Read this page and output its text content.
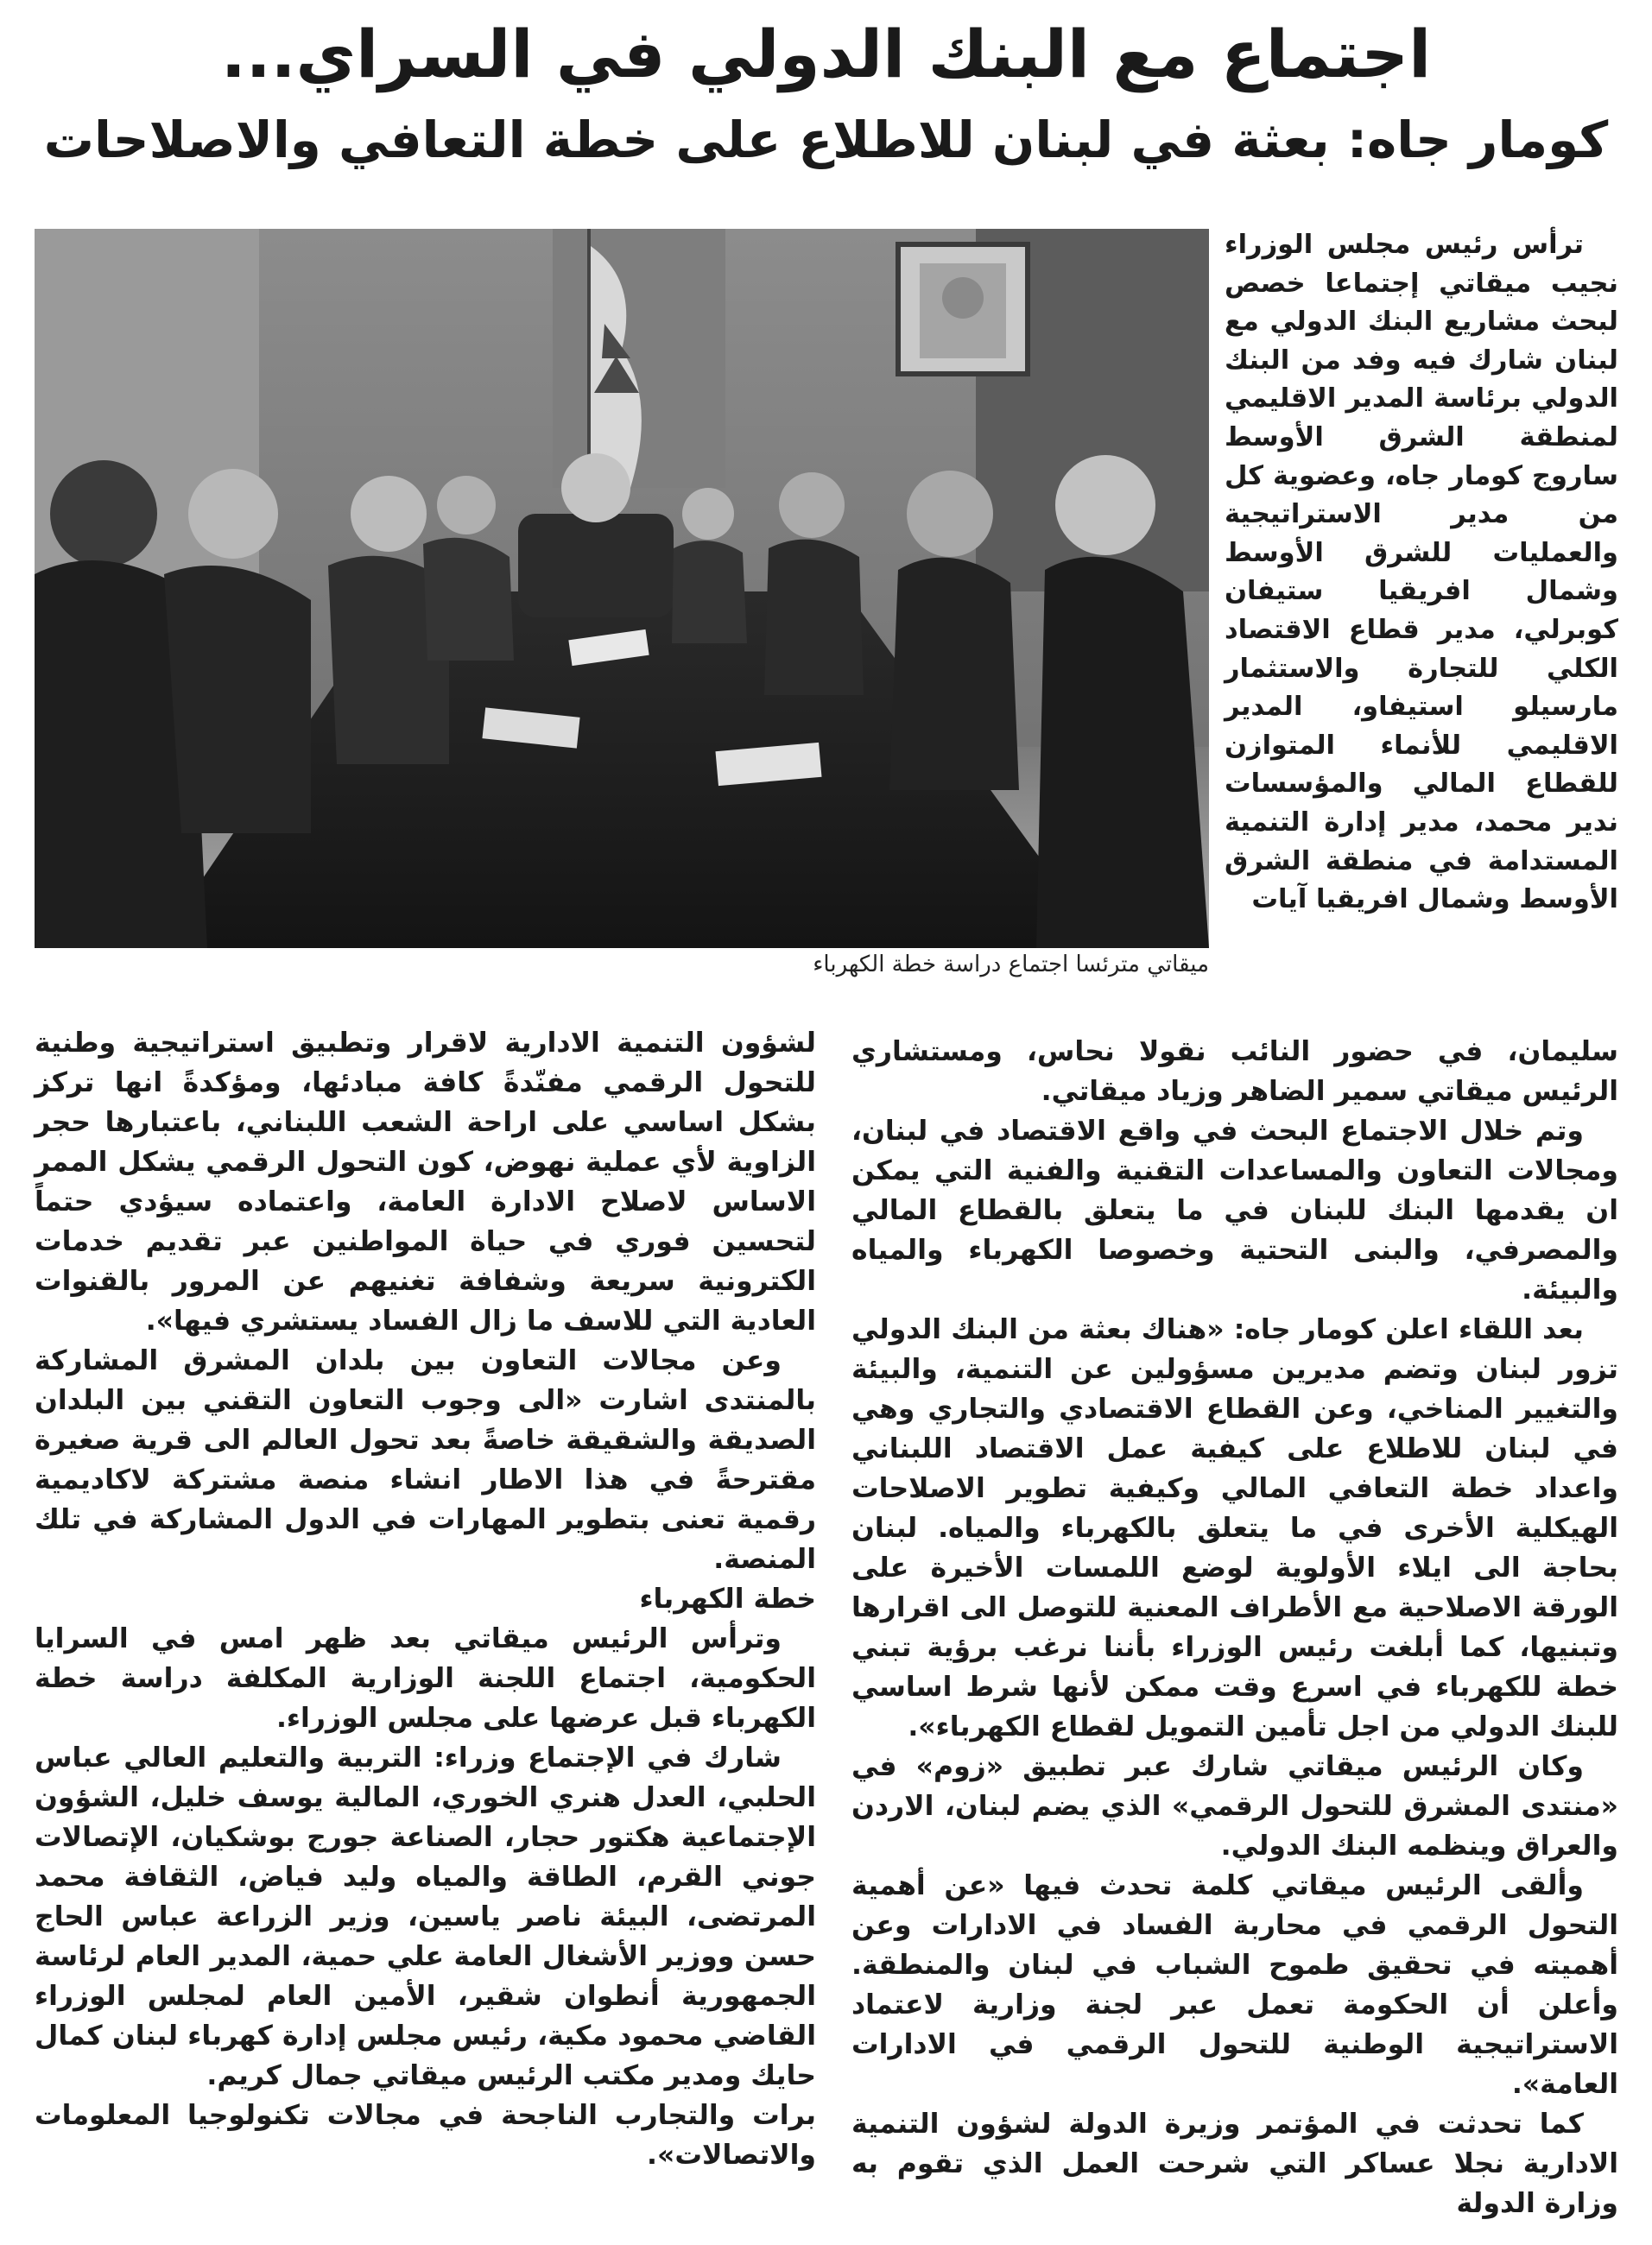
اجتماع مع البنك الدولي في السراي...
كومار جاه: بعثة في لبنان للاطلاع على خطة التعافي والاصلاحات
ميقاتي مترئسا اجتماع دراسة خطة الكهرباء

ترأس رئيس مجلس الوزراء نجيب ميقاتي إجتماعا خصص لبحث مشاريع البنك الدولي مع لبنان شارك فيه وفد من البنك الدولي برئاسة المدير الاقليمي لمنطقة الشرق الأوسط ساروج كومار جاه، وعضوية كل من مدير الاستراتيجية والعمليات للشرق الأوسط وشمال افريقيا ستيفان كوبرلي، مدير قطاع الاقتصاد الكلي للتجارة والاستثمار مارسيلو استيفاو، المدير الاقليمي للأنماء المتوازن للقطاع المالي والمؤسسات ندير محمد، مدير إدارة التنمية المستدامة في منطقة الشرق الأوسط وشمال افريقيا آيات

سليمان، في حضور النائب نقولا نحاس، ومستشاري الرئيس ميقاتي سمير الضاهر وزياد ميقاتي.

وتم خلال الاجتماع البحث في واقع الاقتصاد في لبنان، ومجالات التعاون والمساعدات التقنية والفنية التي يمكن ان يقدمها البنك للبنان في ما يتعلق بالقطاع المالي والمصرفي، والبنى التحتية وخصوصا الكهرباء والمياه والبيئة.

بعد اللقاء اعلن كومار جاه: «هناك بعثة من البنك الدولي تزور لبنان وتضم مديرين مسؤولين عن التنمية، والبيئة والتغيير المناخي، وعن القطاع الاقتصادي والتجاري وهي في لبنان للاطلاع على كيفية عمل الاقتصاد اللبناني واعداد خطة التعافي المالي وكيفية تطوير الاصلاحات الهيكلية الأخرى في ما يتعلق بالكهرباء والمياه. لبنان بحاجة الى ايلاء الأولوية لوضع اللمسات الأخيرة على الورقة الاصلاحية مع الأطراف المعنية للتوصل الى اقرارها وتبنيها، كما أبلغت رئيس الوزراء بأننا نرغب برؤية تبني خطة للكهرباء في اسرع وقت ممكن لأنها شرط اساسي للبنك الدولي من اجل تأمين التمويل لقطاع الكهرباء».

وكان الرئيس ميقاتي شارك عبر تطبيق «زوم» في «منتدى المشرق للتحول الرقمي» الذي يضم لبنان، الاردن والعراق وينظمه البنك الدولي.

وألقى الرئيس ميقاتي كلمة تحدث فيها «عن أهمية التحول الرقمي في محاربة الفساد في الادارات وعن أهميته في تحقيق طموح الشباب في لبنان والمنطقة. وأعلن أن الحكومة تعمل عبر لجنة وزارية لاعتماد الاستراتيجية الوطنية للتحول الرقمي في الادارات العامة».

كما تحدثت في المؤتمر وزيرة الدولة لشؤون التنمية الادارية نجلا عساكر التي شرحت العمل الذي تقوم به وزارة الدولة

لشؤون التنمية الادارية لاقرار وتطبيق استراتيجية وطنية للتحول الرقمي مفنّدةً كافة مبادئها، ومؤكدةً انها تركز بشكل اساسي على اراحة الشعب اللبناني، باعتبارها حجر الزاوية لأي عملية نهوض، كون التحول الرقمي يشكل الممر الاساس لاصلاح الادارة العامة، واعتماده سيؤدي حتماً لتحسين فوري في حياة المواطنين عبر تقديم خدمات الكترونية سريعة وشفافة تغنيهم عن المرور بالقنوات العادية التي للاسف ما زال الفساد يستشري فيها».

وعن مجالات التعاون بين بلدان المشرق المشاركة بالمنتدى اشارت «الى وجوب التعاون التقني بين البلدان الصديقة والشقيقة خاصةً بعد تحول العالم الى قرية صغيرة مقترحةً في هذا الاطار انشاء منصة مشتركة لاكاديمية رقمية تعنى بتطوير المهارات في الدول المشاركة في تلك المنصة.

خطة الكهرباء

وترأس الرئيس ميقاتي بعد ظهر امس في السرايا الحكومية، اجتماع اللجنة الوزارية المكلفة دراسة خطة الكهرباء قبل عرضها على مجلس الوزراء.

شارك في الإجتماع وزراء: التربية والتعليم العالي عباس الحلبي، العدل هنري الخوري، المالية يوسف خليل، الشؤون الإجتماعية هكتور حجار، الصناعة جورج بوشكيان، الإتصالات جوني القرم، الطاقة والمياه وليد فياض، الثقافة محمد المرتضى، البيئة ناصر ياسين، وزير الزراعة عباس الحاج حسن ووزير الأشغال العامة علي حمية، المدير العام لرئاسة الجمهورية أنطوان شقير، الأمين العام لمجلس الوزراء القاضي محمود مكية، رئيس مجلس إدارة كهرباء لبنان كمال حايك ومدير مكتب الرئيس ميقاتي جمال كريم.

برات والتجارب الناجحة في مجالات تكنولوجيا المعلومات والاتصالات».
